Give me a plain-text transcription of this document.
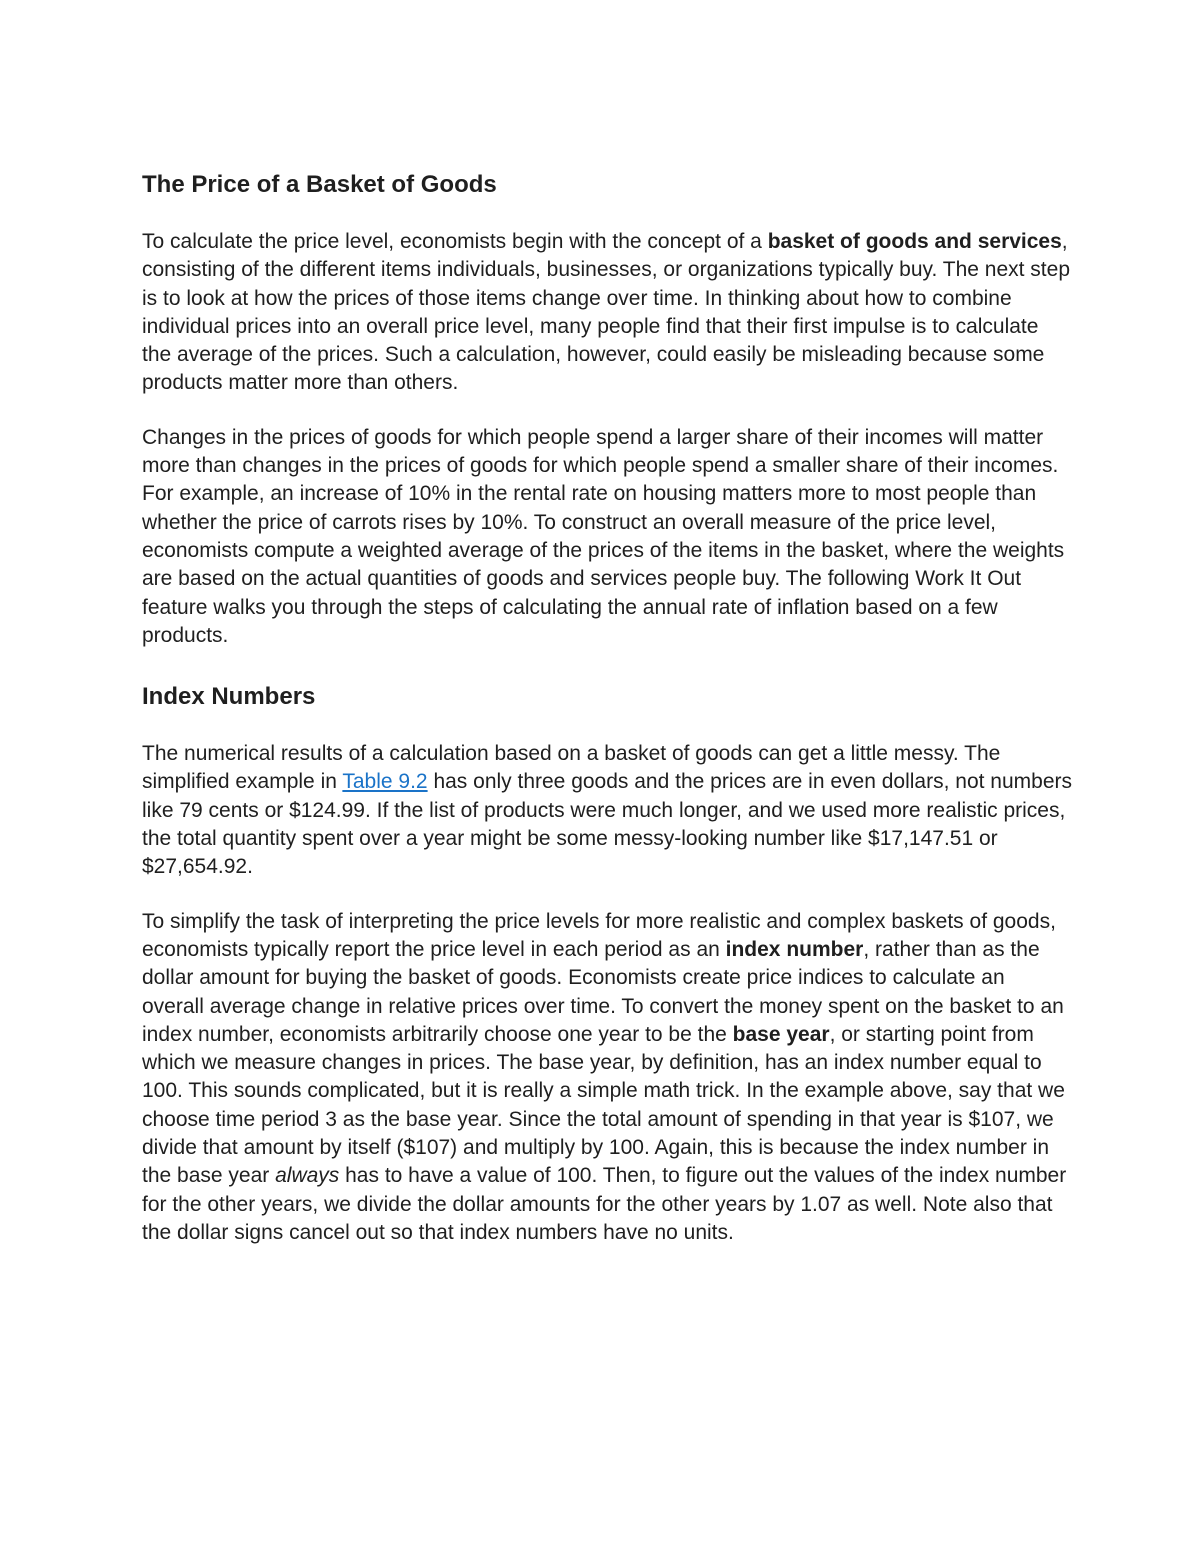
The Price of a Basket of Goods

To calculate the price level, economists begin with the concept of a basket of goods and services, consisting of the different items individuals, businesses, or organizations typically buy. The next step is to look at how the prices of those items change over time. In thinking about how to combine individual prices into an overall price level, many people find that their first impulse is to calculate the average of the prices. Such a calculation, however, could easily be misleading because some products matter more than others.

Changes in the prices of goods for which people spend a larger share of their incomes will matter more than changes in the prices of goods for which people spend a smaller share of their incomes. For example, an increase of 10% in the rental rate on housing matters more to most people than whether the price of carrots rises by 10%. To construct an overall measure of the price level, economists compute a weighted average of the prices of the items in the basket, where the weights are based on the actual quantities of goods and services people buy. The following Work It Out feature walks you through the steps of calculating the annual rate of inflation based on a few products.

Index Numbers

The numerical results of a calculation based on a basket of goods can get a little messy. The simplified example in Table 9.2 has only three goods and the prices are in even dollars, not numbers like 79 cents or $124.99. If the list of products were much longer, and we used more realistic prices, the total quantity spent over a year might be some messy-looking number like $17,147.51 or $27,654.92.

To simplify the task of interpreting the price levels for more realistic and complex baskets of goods, economists typically report the price level in each period as an index number, rather than as the dollar amount for buying the basket of goods. Economists create price indices to calculate an overall average change in relative prices over time. To convert the money spent on the basket to an index number, economists arbitrarily choose one year to be the base year, or starting point from which we measure changes in prices. The base year, by definition, has an index number equal to 100. This sounds complicated, but it is really a simple math trick. In the example above, say that we choose time period 3 as the base year. Since the total amount of spending in that year is $107, we divide that amount by itself ($107) and multiply by 100. Again, this is because the index number in the base year always has to have a value of 100. Then, to figure out the values of the index number for the other years, we divide the dollar amounts for the other years by 1.07 as well. Note also that the dollar signs cancel out so that index numbers have no units.
